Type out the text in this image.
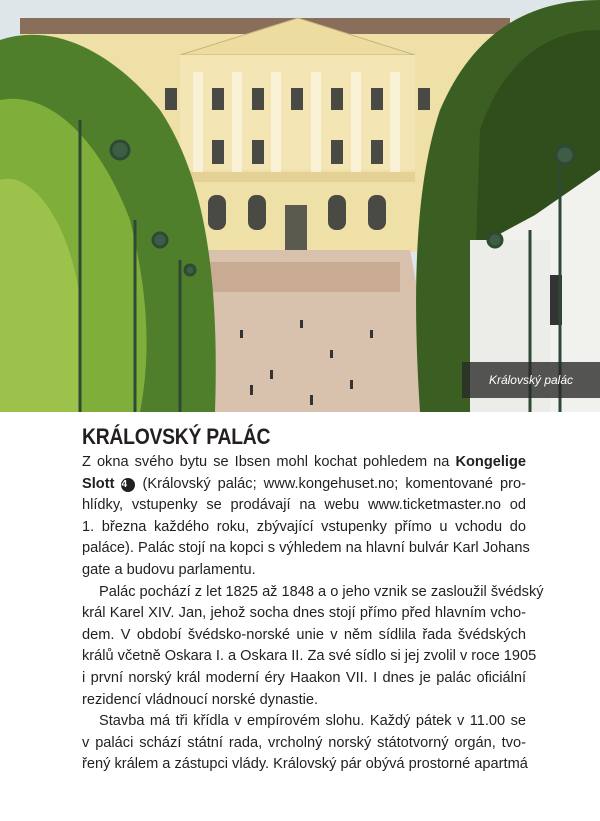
Královský palác
KRÁLOVSKÝ PALÁC
Z okna svého bytu se Ibsen mohl kochat pohledem na Kongelige
Slott 4 (Královský palác; www.kongehuset.no; komentované pro-
hlídky, vstupenky se prodávají na webu www.ticketmaster.no od
1. března každého roku, zbývající vstupenky přímo u vchodu do
paláce). Palác stojí na kopci s výhledem na hlavní bulvár Karl Johans
gate a budovu parlamentu.
Palác pochází z let 1825 až 1848 a o jeho vznik se zasloužil švédský
král Karel XIV. Jan, jehož socha dnes stojí přímo před hlavním vcho-
dem. V období švédsko-norské unie v něm sídlila řada švédských
králů včetně Oskara I. a Oskara II. Za své sídlo si jej zvolil v roce 1905
i první norský král moderní éry Haakon VII. I dnes je palác oficiální
rezidencí vládnoucí norské dynastie.
Stavba má tři křídla v empírovém slohu. Každý pátek v 11.00 se
v paláci schází státní rada, vrcholný norský státotvorný orgán, tvo-
řený králem a zástupci vlády. Královský pár obývá prostorné apartmá
